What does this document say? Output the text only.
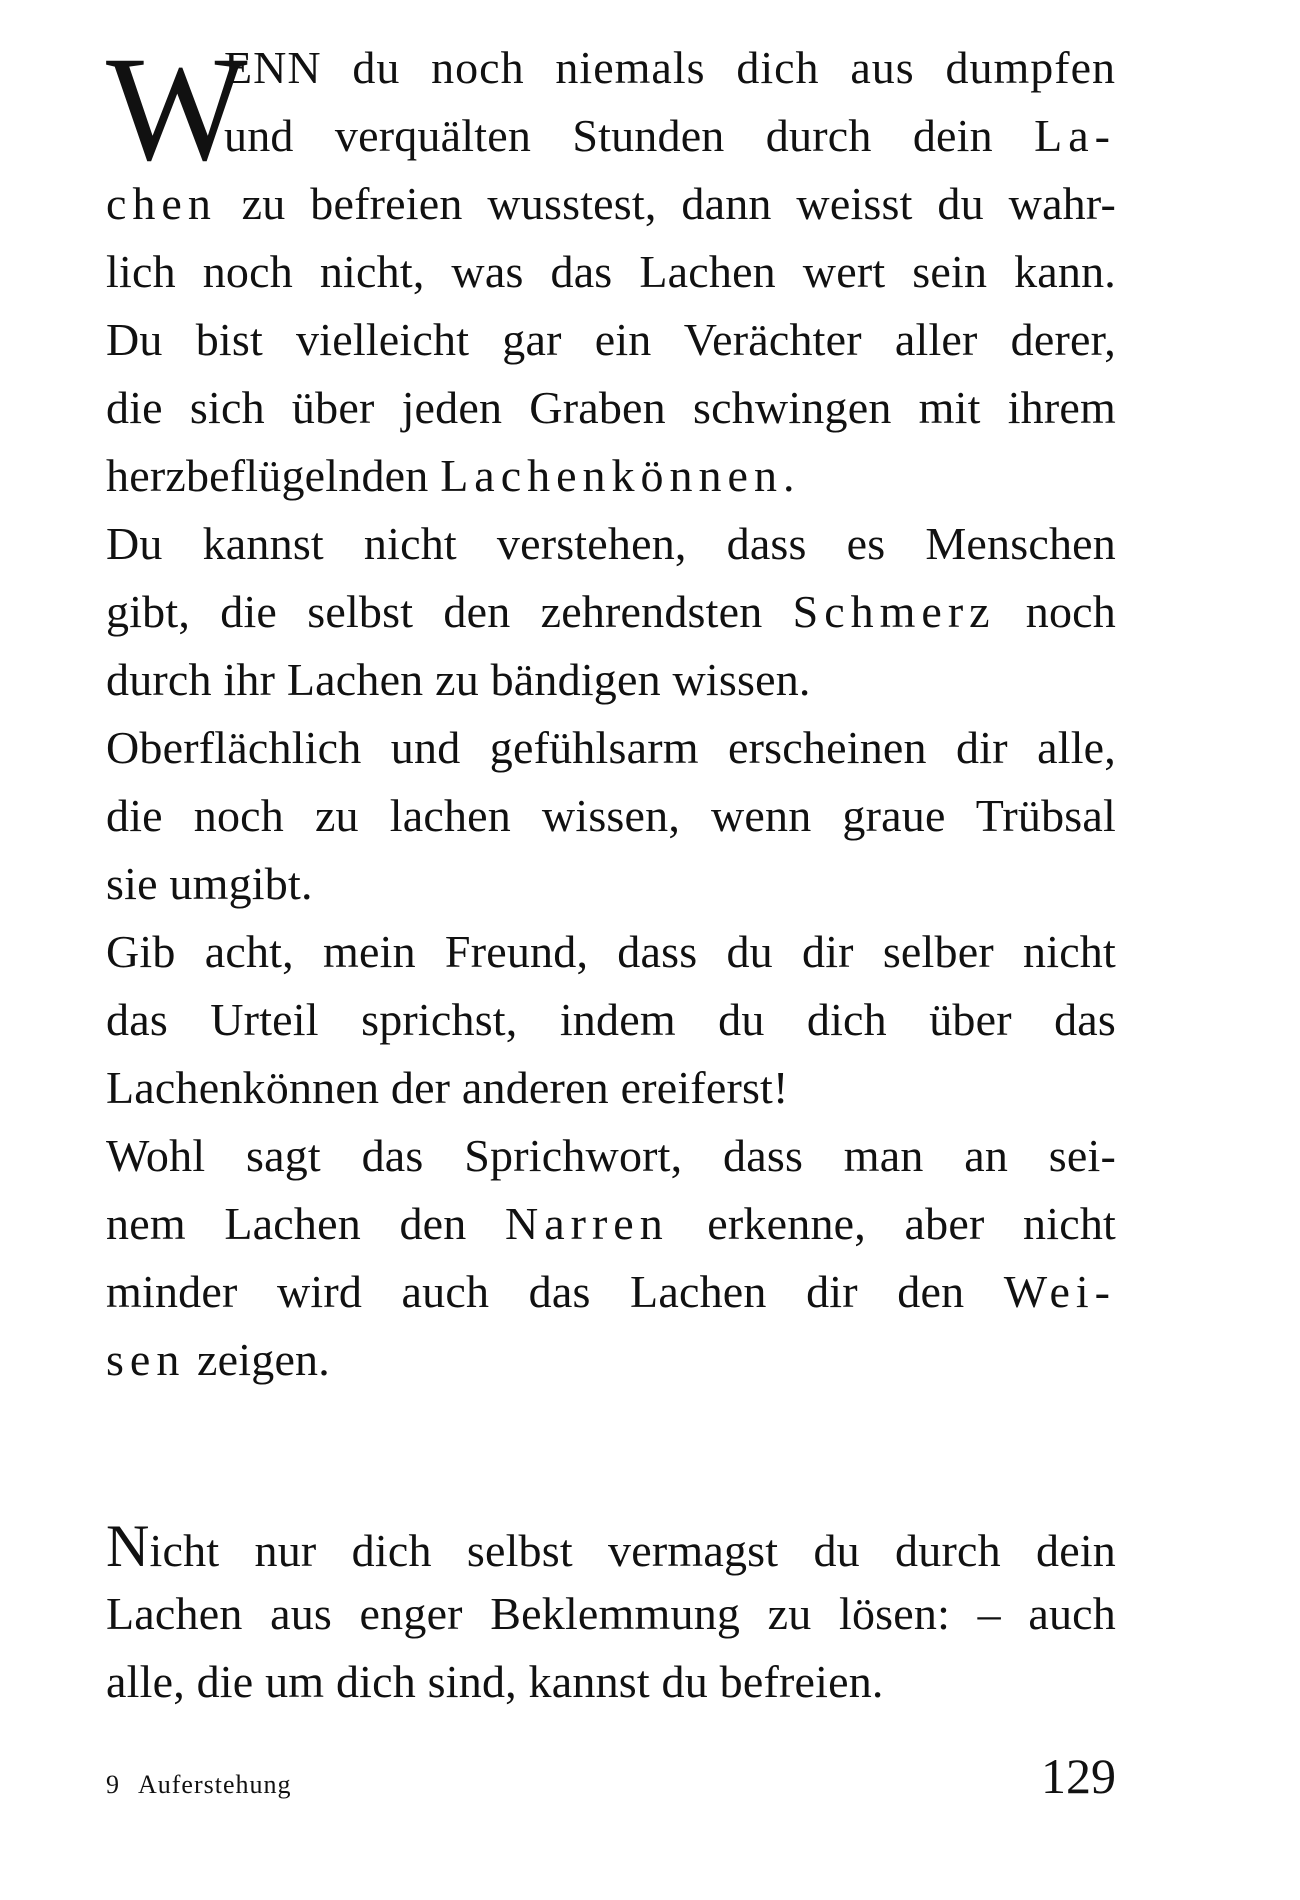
W
ENN du noch niemals dich aus dumpfen
und verquälten Stunden durch dein La-
chen zu befreien wusstest, dann weisst du wahr-
lich noch nicht, was das Lachen wert sein kann.
Du bist vielleicht gar ein Verächter aller derer,
die sich über jeden Graben schwingen mit ihrem
herzbeflügelnden Lachenkönnen.
Du kannst nicht verstehen, dass es Menschen
gibt, die selbst den zehrendsten Schmerz noch
durch ihr Lachen zu bändigen wissen.
Oberflächlich und gefühlsarm erscheinen dir alle,
die noch zu lachen wissen, wenn graue Trübsal
sie umgibt.
Gib acht, mein Freund, dass du dir selber nicht
das Urteil sprichst, indem du dich über das
Lachenkönnen der anderen ereiferst!
Wohl sagt das Sprichwort, dass man an sei-
nem Lachen den Narren erkenne, aber nicht
minder wird auch das Lachen dir den Wei-
sen zeigen.
Nicht nur dich selbst vermagst du durch dein
Lachen aus enger Beklemmung zu lösen: – auch
alle, die um dich sind, kannst du befreien.
9 Auferstehung	129
